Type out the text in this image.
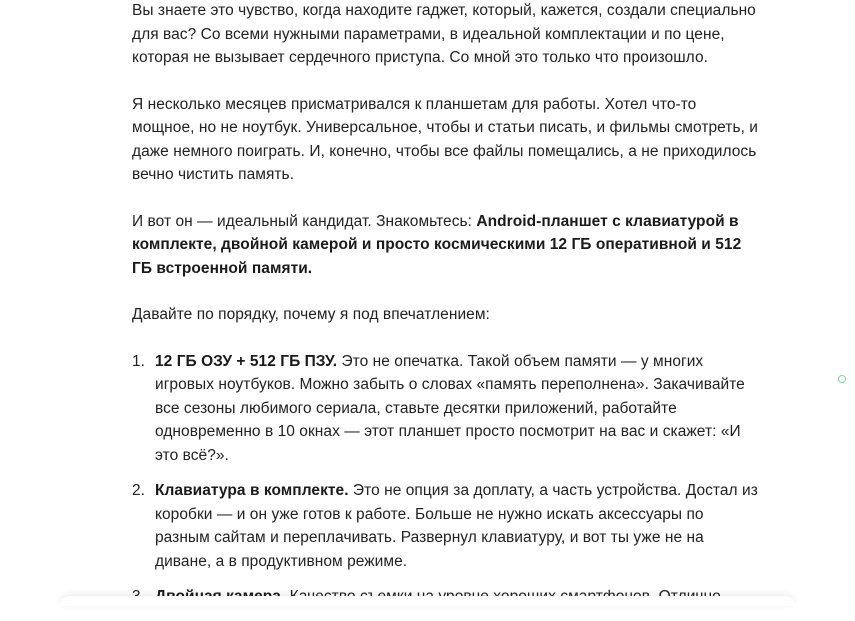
Вы знаете это чувство, когда находите гаджет, который, кажется, создали специально для вас? Со всеми нужными параметрами, в идеальной комплектации и по цене, которая не вызывает сердечного приступа. Со мной это только что произошло.

Я несколько месяцев присматривался к планшетам для работы. Хотел что-то мощное, но не ноутбук. Универсальное, чтобы и статьи писать, и фильмы смотреть, и даже немного поиграть. И, конечно, чтобы все файлы помещались, а не приходилось вечно чистить память.

И вот он — идеальный кандидат. Знакомьтесь: Android-планшет с клавиатурой в комплекте, двойной камерой и просто космическими 12 ГБ оперативной и 512 ГБ встроенной памяти.

Давайте по порядку, почему я под впечатлением:

1. 12 ГБ ОЗУ + 512 ГБ ПЗУ. Это не опечатка. Такой объем памяти — у многих игровых ноутбуков. Можно забыть о словах «память переполнена». Закачивайте все сезоны любимого сериала, ставьте десятки приложений, работайте одновременно в 10 окнах — этот планшет просто посмотрит на вас и скажет: «И это всё?».
2. Клавиатура в комплекте. Это не опция за доплату, а часть устройства. Достал из коробки — и он уже готов к работе. Больше не нужно искать аксессуары по разным сайтам и переплачивать. Развернул клавиатуру, и вот ты уже не на диване, а в продуктивном режиме.
